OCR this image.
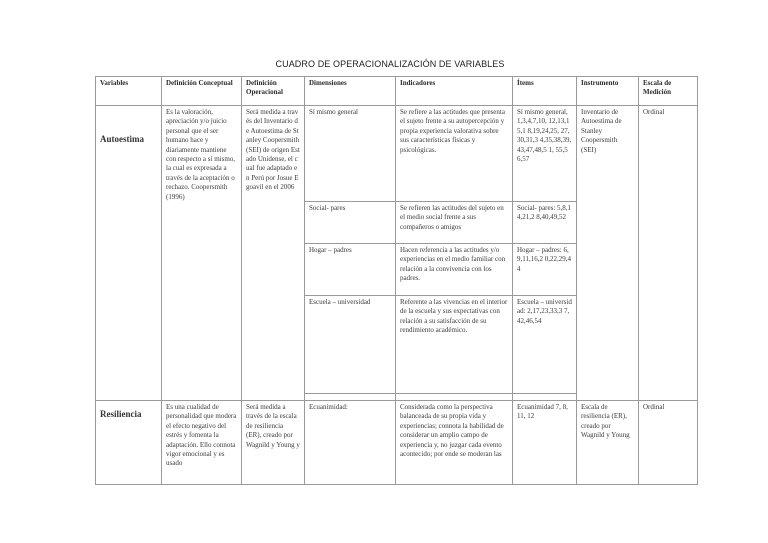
CUADRO DE OPERACIONALIZACIÓN DE VARIABLES
Variables	Definición Conceptual	Definición Operacional	Dimensiones	Indicadores	Ítems	Instrumento	Escala de Medición
Autoestima	Es la valoración, apreciación y/o juicio personal que el ser humano hace y diariamente mantiene con respecto a sí mismo, la cual es expresada a través de la aceptación o rechazo. Coopersmith (1996)	Será medida a través del Inventario de Autoestima de Stanley Coopersmith (SEI) de origen Estado Unidense, el cual fue adaptado en Perú por Josue Egoavil en el 2006	Sí mismo general	Se refiere a las actitudes que presenta el sujeto frente a su autopercepción y propia experiencia valorativa sobre sus características físicas y psicológicas.	Sí mismo general, 1,3,4,7,10, 12,13,15,1 8,19,24,25, 27,30,31,3 4,35,38,39, 43,47,48,5 1, 55,56,57	Inventario de Autoestima de Stanley Coopersmith (SEI)	Ordinal
			Social- pares	Se refieren las actitudes del sujeto en el medio social frente a sus compañeros o amigos	Social- pares: 5,8,14,21,2 8,40,49,52		
			Hogar – padres	Hacen referencia a las actitudes y/o experiencias en el medio familiar con relación a la convivencia con los padres.	Hogar – padres: 6,9,11,16,2 0,22,29,44		
			Escuela – universidad	Referente a las vivencias en el interior de la escuela y sus expectativas con relación a su satisfacción de su rendimiento académico.	Escuela – universidad: 2,17,23,33,3 7,42,46,54		

Resiliencia	Es una cualidad de personalidad que modera el efecto negativo del estrés y fomenta la adaptación. Ello connota vigor emocional y es usado	Será medida a través de la escala de resiliencia (ER), creado por Wagnild y Young y	Ecuanimidad:	Considerada como la perspectiva balanceada de su propia vida y experiencias; connota la habilidad de considerar un amplio campo de experiencia y, no juzgar cada evento acontecido; por ende se moderan las	Ecuanimidad 7, 8, 11, 12	Escala de resiliencia (ER), creado por Wagnild y Young	Ordinal
